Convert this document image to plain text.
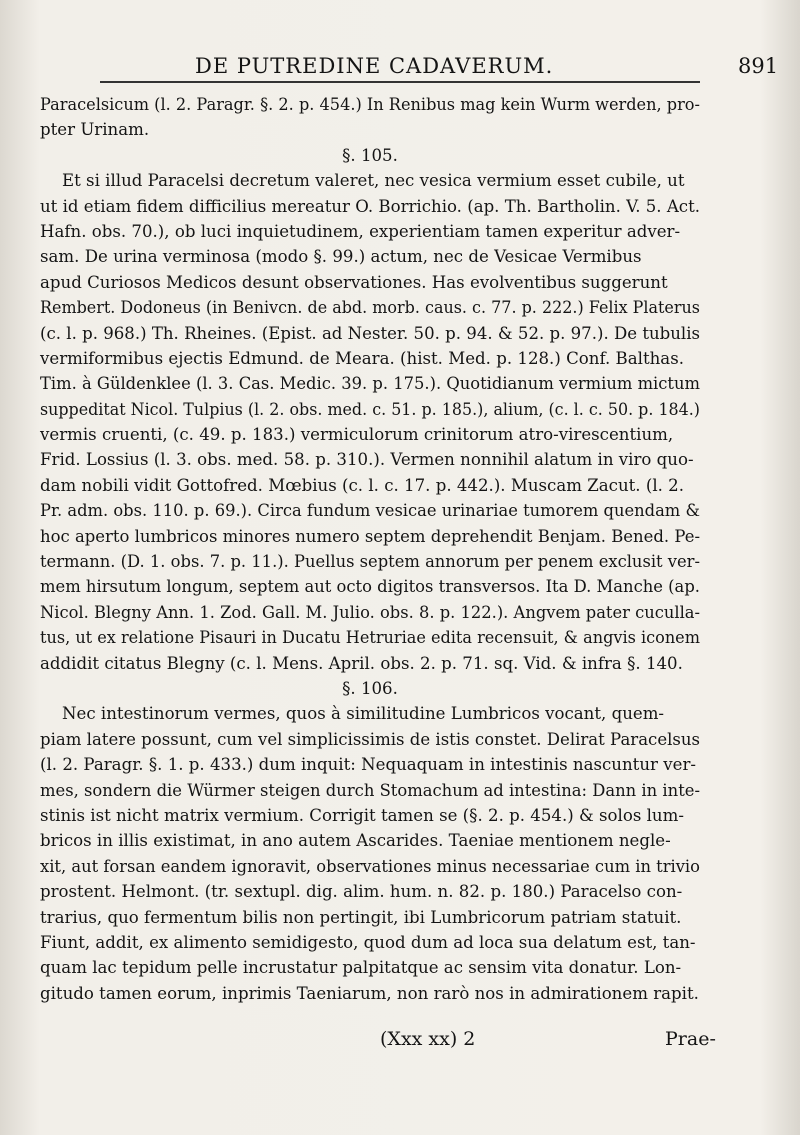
DE PUTREDINE CADAVERUM.	891
Paracelsicum (l. 2. Paragr. §. 2. p. 454.) In Renibus mag kein Wurm werden, pro-
pter Urinam.
§. 105.
Et si illud Paracelsi decretum valeret, nec vesica vermium esset cubile, ut
ut id etiam fidem difficilius mereatur O. Borrichio. (ap. Th. Bartholin. V. 5. Act.
Hafn. obs. 70.), ob luci inquietudinem, experientiam tamen experitur adver-
sam. De urina verminosa (modo §. 99.) actum, nec de Vesicae Vermibus
apud Curiosos Medicos desunt observationes. Has evolventibus suggerunt
Rembert. Dodoneus (in Benivcn. de abd. morb. caus. c. 77. p. 222.) Felix Platerus
(c. l. p. 968.) Th. Rheines. (Epist. ad Nester. 50. p. 94. & 52. p. 97.). De tubulis
vermiformibus ejectis Edmund. de Meara. (hist. Med. p. 128.) Conf. Balthas.
Tim. à Güldenklee (l. 3. Cas. Medic. 39. p. 175.). Quotidianum vermium mictum
suppeditat Nicol. Tulpius (l. 2. obs. med. c. 51. p. 185.), alium, (c. l. c. 50. p. 184.)
vermis cruenti, (c. 49. p. 183.) vermiculorum crinitorum atro-virescentium,
Frid. Lossius (l. 3. obs. med. 58. p. 310.). Vermen nonnihil alatum in viro quo-
dam nobili vidit Gottofred. Mœbius (c. l. c. 17. p. 442.). Muscam Zacut. (l. 2.
Pr. adm. obs. 110. p. 69.). Circa fundum vesicae urinariae tumorem quendam &
hoc aperto lumbricos minores numero septem deprehendit Benjam. Bened. Pe-
termann. (D. 1. obs. 7. p. 11.). Puellus septem annorum per penem exclusit ver-
mem hirsutum longum, septem aut octo digitos transversos. Ita D. Manche (ap.
Nicol. Blegny Ann. 1. Zod. Gall. M. Julio. obs. 8. p. 122.). Angvem pater cuculla-
tus, ut ex relatione Pisauri in Ducatu Hetruriae edita recensuit, & angvis iconem
addidit citatus Blegny (c. l. Mens. April. obs. 2. p. 71. sq. Vid. & infra §. 140.
§. 106.
Nec intestinorum vermes, quos à similitudine Lumbricos vocant, quem-
piam latere possunt, cum vel simplicissimis de istis constet. Delirat Paracelsus
(l. 2. Paragr. §. 1. p. 433.) dum inquit: Nequaquam in intestinis nascuntur ver-
mes, sondern die Würmer steigen durch Stomachum ad intestina: Dann in inte-
stinis ist nicht matrix vermium. Corrigit tamen se (§. 2. p. 454.) & solos lum-
bricos in illis existimat, in ano autem Ascarides. Taeniae mentionem negle-
xit, aut forsan eandem ignoravit, observationes minus necessariae cum in trivio
prostent. Helmont. (tr. sextupl. dig. alim. hum. n. 82. p. 180.) Paracelso con-
trarius, quo fermentum bilis non pertingit, ibi Lumbricorum patriam statuit.
Fiunt, addit, ex alimento semidigesto, quod dum ad loca sua delatum est, tan-
quam lac tepidum pelle incrustatur palpitatque ac sensim vita donatur. Lon-
gitudo tamen eorum, inprimis Taeniarum, non rarò nos in admirationem rapit.
(Xxx xx) 2	Prae-
